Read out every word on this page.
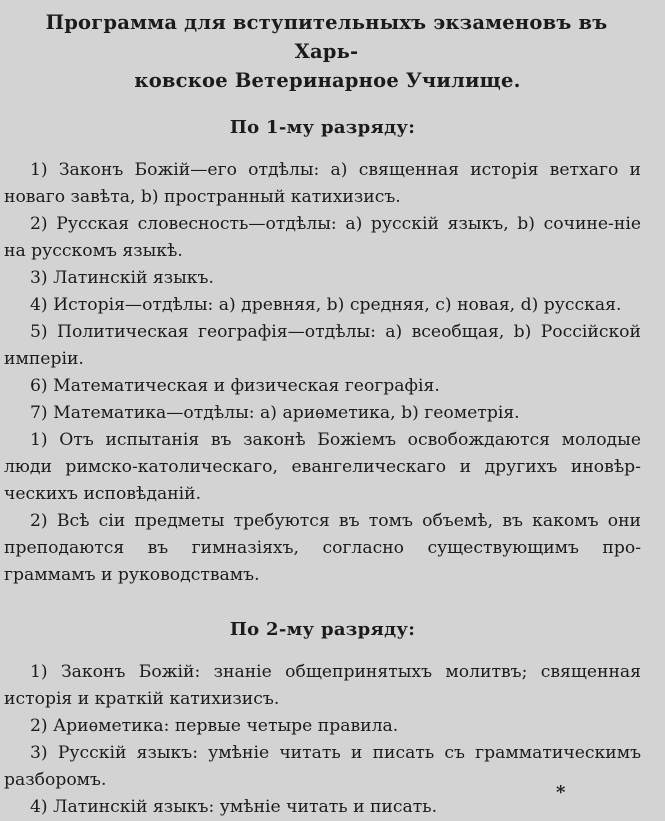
Программа для вступительныхъ экзаменовъ въ Харь-
ковское Ветеринарное Училище.
По 1-му разряду:

1) Законъ Божій—его отдѣлы: a) священная исторія ветхаго и новаго завѣта, b) пространный катихизисъ.

2) Русская словесность—отдѣлы: a) русскій языкъ, b) сочине-ніе на русскомъ языкѣ.

3) Латинскій языкъ.

4) Исторія—отдѣлы: a) древняя, b) средняя, c) новая, d) русская.

5) Политическая географія—отдѣлы: a) всеобщая, b) Россійской имперіи.

6) Математическая и физическая географія.

7) Математика—отдѣлы: a) ариѳметика, b) геометрія.

1) Отъ испытанія въ законѣ Божіемъ освобождаются молодые люди римско-католическаго, евангелическаго и другихъ иновѣр-ческихъ исповѣданій.

2) Всѣ сіи предметы требуются въ томъ объемѣ, въ какомъ они преподаются въ гимназіяхъ, согласно существующимъ про-граммамъ и руководствамъ.

По 2-му разряду:

1) Законъ Божій: знаніе общепринятыхъ молитвъ; священная исторія и краткій катихизисъ.

2) Ариѳметика: первые четыре правила.

3) Русскій языкъ: умѣніе читать и писать съ грамматическимъ разборомъ.

4) Латинскій языкъ: умѣніе читать и писать.

*
